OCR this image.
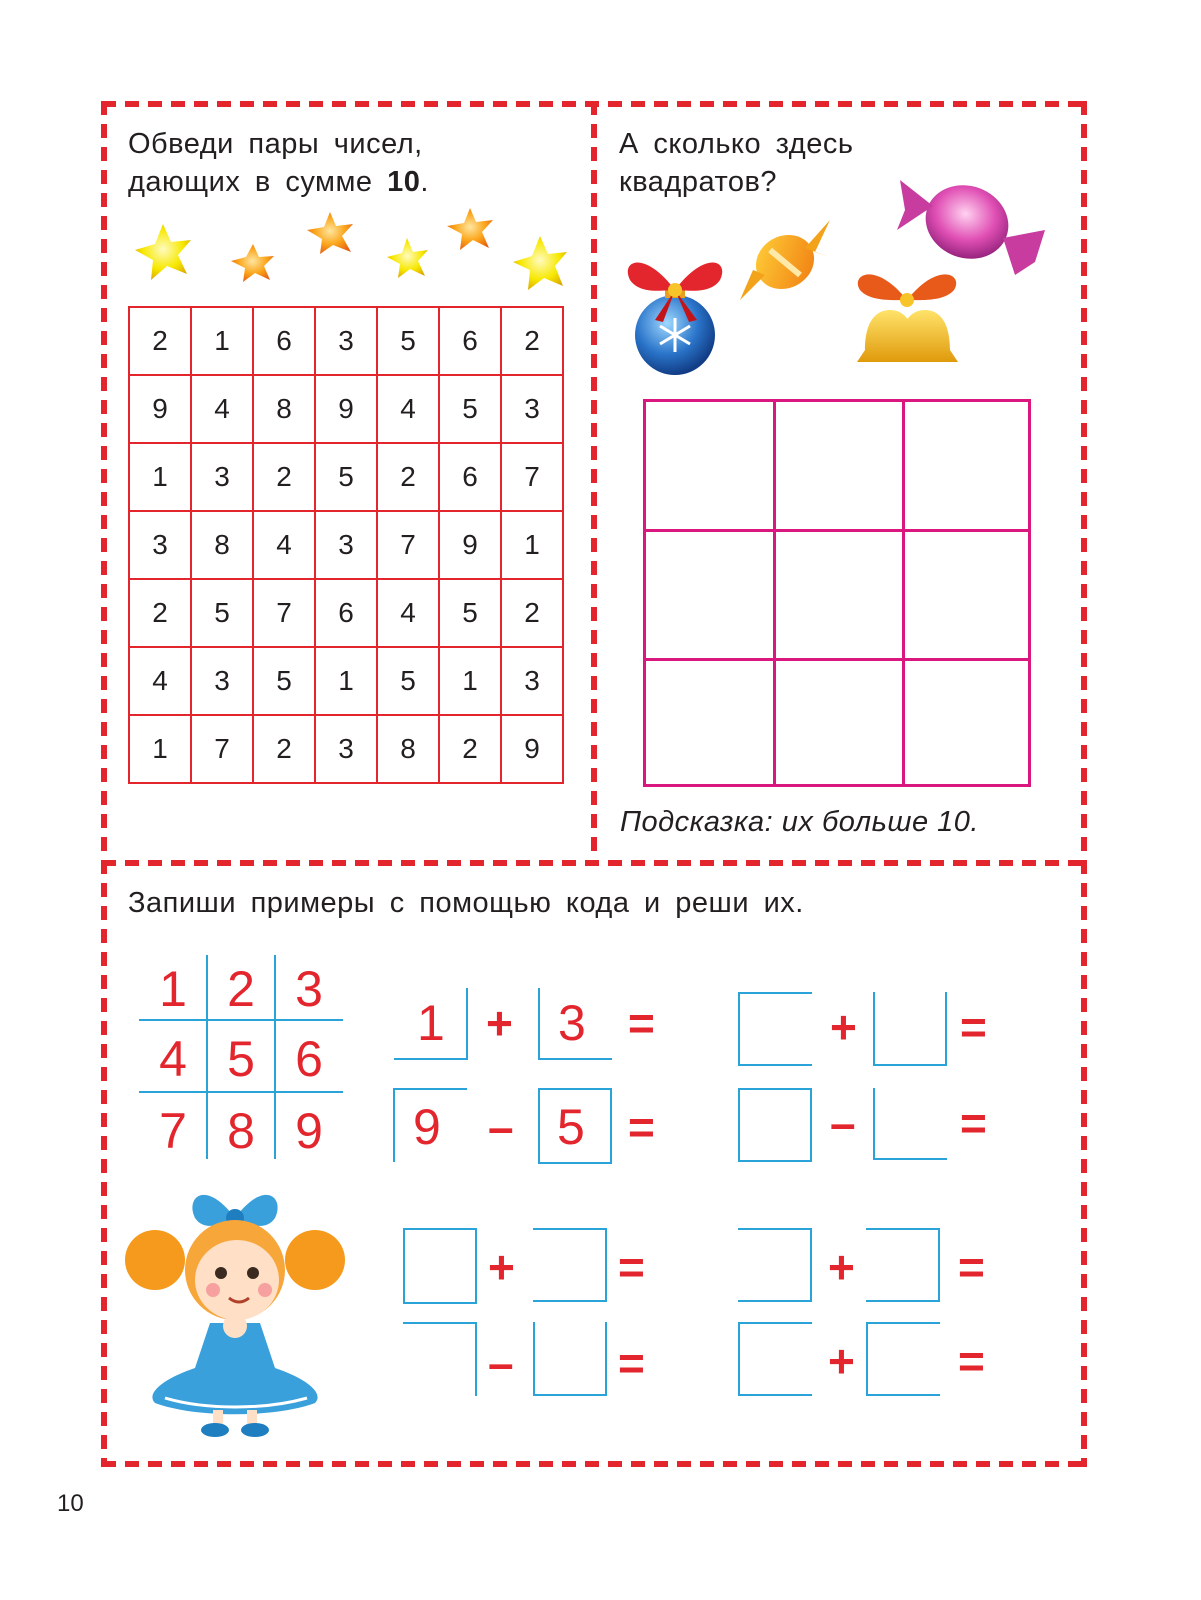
Обведи пары чисел,
дающих в сумме 10.
2	1	6	3	5	6	2
9	4	8	9	4	5	3
1	3	2	5	2	6	7
3	8	4	3	7	9	1
2	5	7	6	4	5	2
4	3	5	1	5	1	3
1	7	2	3	8	2	9
А сколько здесь
квадратов?
Подсказка: их больше 10.
Запиши примеры с помощью кода и реши их.
1 2 3
4 5 6
7 8 9
1 + 3 =
9 – 5 =
+ =
– =
+ =
– =
+ =
+ =
10
